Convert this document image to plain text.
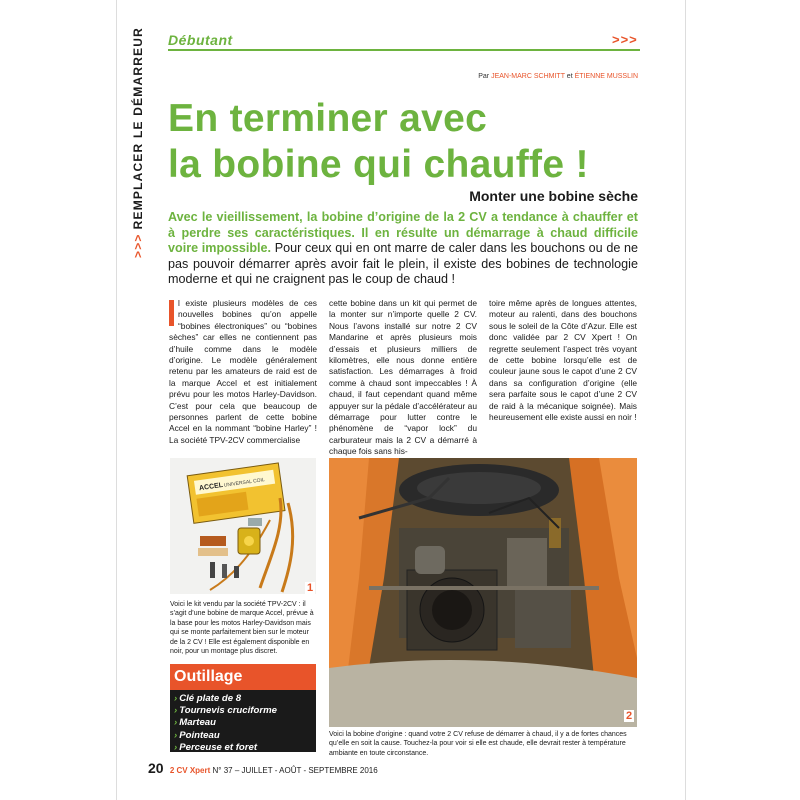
Débutant	>>>
>>>REMPLACER LE DÉMARREUR	Par JEAN-MARC SCHMITT et ÉTIENNE MUSSLIN
En terminer avec
la bobine qui chauffe !
Monter une bobine sèche
Avec le vieillissement, la bobine d’origine de la 2 CV a tendance à chauffer et à perdre ses caractéristiques. Il en résulte un démarrage à chaud difficile voire impossible. Pour ceux qui en ont marre de caler dans les bouchons ou de ne pas pouvoir démarrer après avoir fait le plein, il existe des bobines de technologie moderne et qui ne craignent pas le coup de chaud !
l existe plusieurs modèles de ces nouvelles bobines qu’on appelle “bobines électroniques” ou “bobines sèches” car elles ne contiennent pas d’huile comme dans le modèle d’origine. Le modèle généralement retenu par les amateurs de raid est de la marque Accel et est initialement prévu pour les motos Harley-Davidson. C’est pour cela que beaucoup de personnes parlent de cette bobine Accel en la nommant “bobine Harley” ! La société TPV-2CV commercialise
cette bobine dans un kit qui permet de la monter sur n’importe quelle 2 CV. Nous l’avons installé sur notre 2 CV Mandarine et après plusieurs mois d’essais et plusieurs milliers de kilomètres, elle nous donne entière satisfaction. Les démarrages à froid comme à chaud sont impeccables ! À chaud, il faut cependant quand même appuyer sur la pédale d’accélérateur au démarrage pour lutter contre le phénomène de “vapor lock” du carburateur mais la 2 CV a démarré à chaque fois sans his-
toire même après de longues attentes, moteur au ralenti, dans des bouchons sous le soleil de la Côte d’Azur. Elle est donc validée par 2 CV Xpert ! On regrette seulement l’aspect très voyant de cette bobine lorsqu’elle est de couleur jaune sous le capot d’une 2 CV dans sa configuration d’origine (elle sera parfaite sous le capot d’une 2 CV de raid à la mécanique soignée). Mais heureusement elle existe aussi en noir !
ACCEL UNIVERSAL COIL
1
Voici le kit vendu par la société TPV-2CV : il s’agit d’une bobine de marque Accel, prévue à la base pour les motos Harley-Davidson mais qui se monte parfaitement bien sur le moteur de la 2 CV ! Elle est également disponible en noir, pour un montage plus discret.
2
Voici la bobine d’origine : quand votre 2 CV refuse de démarrer à chaud, il y a de fortes chances qu’elle en soit la cause. Touchez-la pour voir si elle est chaude, elle devrait rester à température ambiante en toute circonstance.
Outillage
› Clé plate de 8
› Tournevis cruciforme
› Marteau
› Pointeau
› Perceuse et foret
20 2 CV Xpert N° 37 – JUILLET - AOÛT - SEPTEMBRE 2016
